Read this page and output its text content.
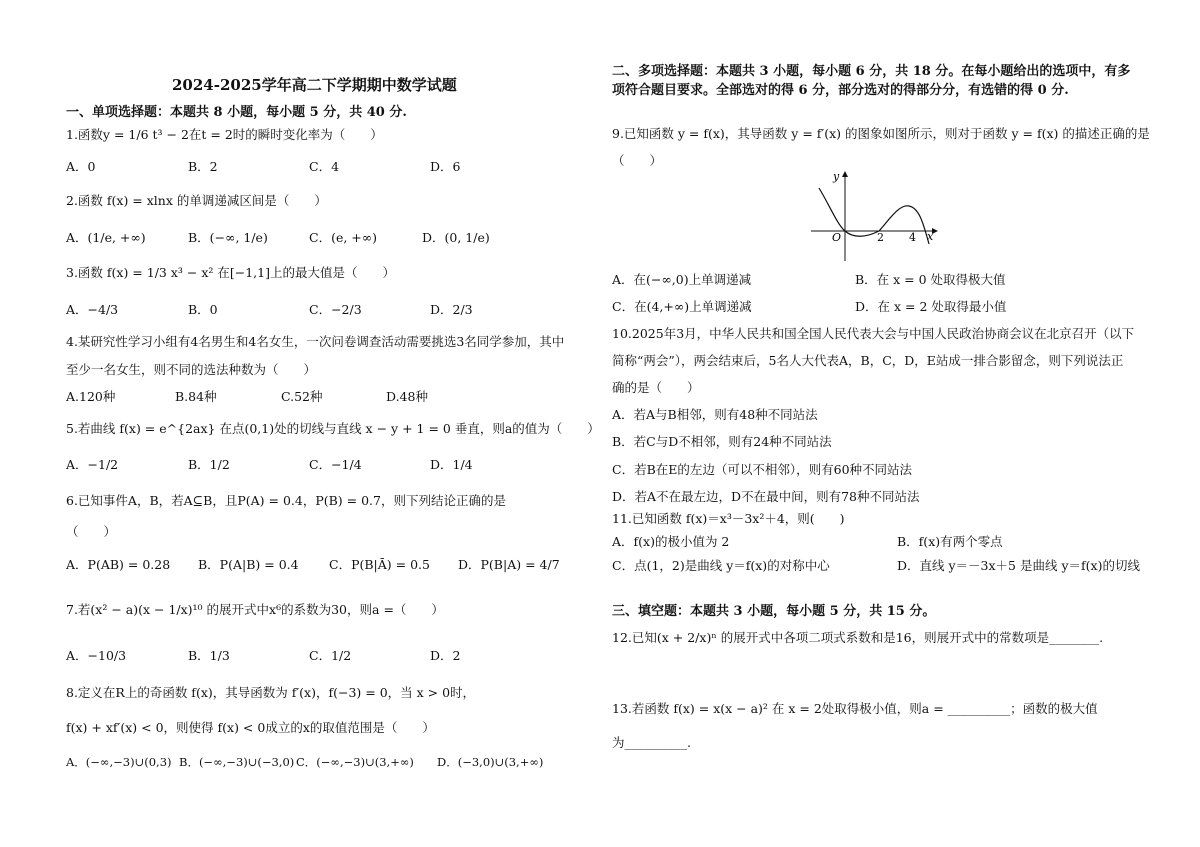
2024-2025学年高二下学期期中数学试题
一、单项选择题：本题共 8 小题，每小题 5 分，共 40 分.
1.函数y = 1/6 t³ − 2在t = 2时的瞬时变化率为（　　）
A．0	B．2	C．4	D．6
2.函数 f(x) = xlnx 的单调递减区间是（　　）
A．(1/e, +∞)	B．(−∞, 1/e)	C．(e, +∞)	D．(0, 1/e)
3.函数 f(x) = 1/3 x³ − x² 在[−1,1]上的最大值是（　　）
A．−4/3	B．0	C．−2/3	D．2/3
4.某研究性学习小组有4名男生和4名女生，一次问卷调查活动需要挑选3名同学参加，其中
至少一名女生，则不同的选法种数为（　　）
A.120种	B.84种	C.52种	D.48种
5.若曲线 f(x) = e^{2ax} 在点(0,1)处的切线与直线 x − y + 1 = 0 垂直，则a的值为（　　）
A．−1/2	B．1/2	C．−1/4	D．1/4
6.已知事件A，B，若A⊆B，且P(A) = 0.4，P(B) = 0.7，则下列结论正确的是
（　　）
A．P(AB) = 0.28 B．P(A|B) = 0.4 C．P(B|Ā) = 0.5 D．P(B|A) = 4/7
7.若(x² − a)(x − 1/x)¹⁰ 的展开式中x⁶的系数为30，则a =（　　）
A．−10/3	B．1/3	C．1/2	D．2
8.定义在R上的奇函数 f(x)，其导函数为 f′(x)，f(−3) = 0，当 x > 0时，
f(x) + xf′(x) < 0，则使得 f(x) < 0成立的x的取值范围是（　　）
A．(−∞,−3)∪(0,3) B．(−∞,−3)∪(−3,0) C．(−∞,−3)∪(3,+∞) D．(−3,0)∪(3,+∞)
二、多项选择题：本题共 3 小题，每小题 6 分，共 18 分。在每小题给出的选项中，有多项符合题目要求。全部选对的得 6 分，部分选对的得部分分，有选错的得 0 分.
9.已知函数 y = f(x)，其导函数 y = f′(x) 的图象如图所示，则对于函数 y = f(x) 的描述正确的是
（　　）
y
x
O	2 4
A．在(−∞,0)上单调递减	B．在 x = 0 处取得极大值
C．在(4,+∞)上单调递减	D．在 x = 2 处取得最小值
10.2025年3月，中华人民共和国全国人民代表大会与中国人民政治协商会议在北京召开（以下
简称“两会”），两会结束后，5名人大代表A，B，C，D，E站成一排合影留念，则下列说法正
确的是（　　）
A．若A与B相邻，则有48种不同站法
B．若C与D不相邻，则有24种不同站法
C．若B在E的左边（可以不相邻），则有60种不同站法
D．若A不在最左边，D不在最中间，则有78种不同站法
11.已知函数 f(x)＝x³－3x²＋4，则(　　)
A．f(x)的极小值为 2	B．f(x)有两个零点
C．点(1，2)是曲线 y＝f(x)的对称中心	D．直线 y＝－3x＋5 是曲线 y＝f(x)的切线
三、填空题：本题共 3 小题，每小题 5 分，共 15 分。
12.已知(x + 2/x)ⁿ 的展开式中各项二项式系数和是16，则展开式中的常数项是________.
13.若函数 f(x) = x(x − a)² 在 x = 2处取得极小值，则a = __________；函数的极大值
为__________.
